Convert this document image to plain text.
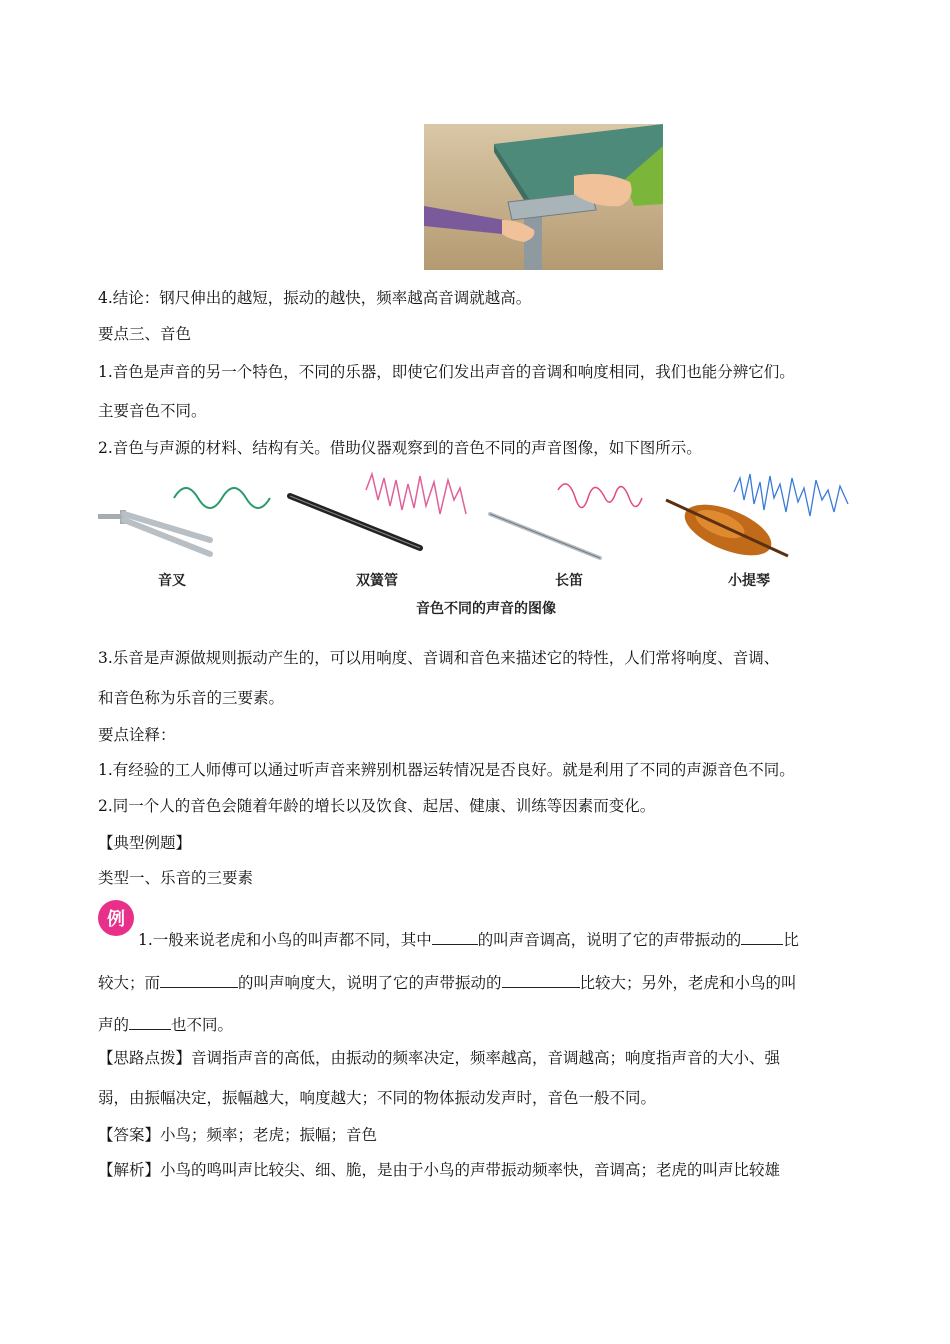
4.结论：钢尺伸出的越短，振动的越快，频率越高音调就越高。
要点三、音色
1.音色是声音的另一个特色，不同的乐器，即使它们发出声音的音调和响度相同，我们也能分辨它们。
主要音色不同。
2.音色与声源的材料、结构有关。借助仪器观察到的音色不同的声音图像，如下图所示。
音叉	双簧管	长笛	小提琴
音色不同的声音的图像
3.乐音是声源做规则振动产生的，可以用响度、音调和音色来描述它的特性，人们常将响度、音调、
和音色称为乐音的三要素。
要点诠释：
1.有经验的工人师傅可以通过听声音来辨别机器运转情况是否良好。就是利用了不同的声源音色不同。
2.同一个人的音色会随着年龄的增长以及饮食、起居、健康、训练等因素而变化。
【典型例题】
类型一、乐音的三要素
例
1.一般来说老虎和小鸟的叫声都不同，其中	的叫声音调高，说明了它的声带振动的	比
较大；而	的叫声响度大，说明了它的声带振动的	比较大；另外，老虎和小鸟的叫
声的	也不同。
【思路点拨】音调指声音的高低，由振动的频率决定，频率越高，音调越高；响度指声音的大小、强
弱，由振幅决定，振幅越大，响度越大；不同的物体振动发声时，音色一般不同。
【答案】小鸟；频率；老虎；振幅；音色
【解析】小鸟的鸣叫声比较尖、细、脆，是由于小鸟的声带振动频率快，音调高；老虎的叫声比较雄
